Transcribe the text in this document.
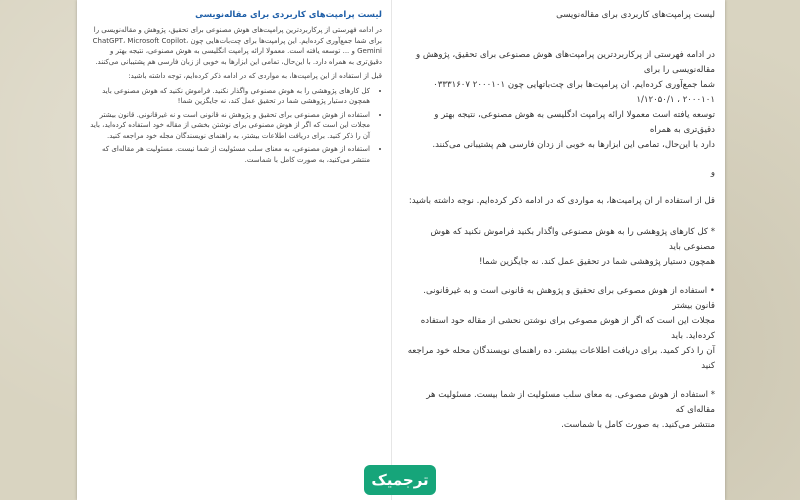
لیست پرامپت‌های کاربردی برای مقاله‌نویسی

در ادامه فهرستی از پرکاربردترین پرامپت‌های هوش مصنوعی برای تحقیق، پژوهش و مقاله‌نویسی را برای شما جمع‌آوری کرده‌ایم. این پرامپت‌ها برای چت‌بات‌هایی چون ChatGPT، Microsoft Copilot، Gemini و ... توسعه یافته است. معمولا ارائه پرامپت انگلیسی به هوش مصنوعی، نتیجه بهتر و دقیق‌تری به همراه دارد. با این‌حال، تمامی این ابزارها به خوبی از زبان فارسی هم پشتیبانی می‌کنند.

قبل از استفاده از این پرامپت‌ها، به مواردی که در ادامه ذکر کرده‌ایم، توجه داشته باشید:

• کل کارهای پژوهشی را به هوش مصنوعی واگذار نکنید. فراموش نکنید که هوش مصنوعی باید همچون دستیار پژوهشی شما در تحقیق عمل کند، نه جایگزین شما!
• استفاده از هوش مصنوعی برای تحقیق و پژوهش نه قانونی است و نه غیرقانونی. قانون بیشتر مجلات این است که اگر از هوش مصنوعی برای نوشتن بخشی از مقاله خود استفاده کرده‌اید، باید آن را ذکر کنید. برای دریافت اطلاعات بیشتر، به راهنمای نویسندگان مجله خود مراجعه کنید.
• استفاده از هوش مصنوعی، به معنای سلب مسئولیت از شما نیست. مسئولیت هر مقاله‌ای که منتشر می‌کنید، به صورت کامل با شماست.
لیست پرامپت‌های کاربردی برای مقاله‌نویسی
در ادامه فهرستی از پرکاربردترین پرامپت‌های هوش مصنوعی برای تحقیق، پژوهش و مقاله‌نویسی را برای
شما جمع‌آوری کرده‌ایم. ان پرامپت‌ها برای چت‌باتهایی چون ۲۰۰۰۱۰۱ ۰۳۳۳۱۶۰۷
۲۰۰۰۱۰۱ ، ۱/۱۲۰۵۰/۱
توسعه یافته است معمولا ارائه پرامپت ادگلیسی به هوش مصنوعی، نتیجه بهتر و دقیق‌تری به همراه
دارد با این‌حال، تمامی این ابزارها به خوبی از زدان فارسی هم پشتیبانی می‌کنند.
و
قل از استفاده ار ان پرامیت‌ها، به مواردی که در ادامه ذکر کرده‌ایم. نوجه داشته باشید:
* کل کارهای پژوهشی را به هوش مصنوعی واگذار بکنید فراموش نکنید که هوش مصنوعی باید
همچون دستیار پژوهشی شما در تحقیق عمل کند. نه جایگزین شما!
• استفاده از هوش مصوعی برای تحقیق و پژوهش به قانونی است و به غیرقانونی. قانون بیشتر
مجلات این است که اگر از هوش مصوعی برای نوشتن نحشی از مقاله حود استفاده کرده‌اید. باید
آن را ذکر کمید. برای دریافت اطلاعات بیشتر. ده راهنمای نویسندگان محله خود مراجعه کنید
* استفاده از هوش مصوعی. به معای سلب مسئولیت از شما بیست. مسئولیت هر مقاله‌ای که
منتشر می‌کنید. به صورت کامل با شماست.
ترجمیک
